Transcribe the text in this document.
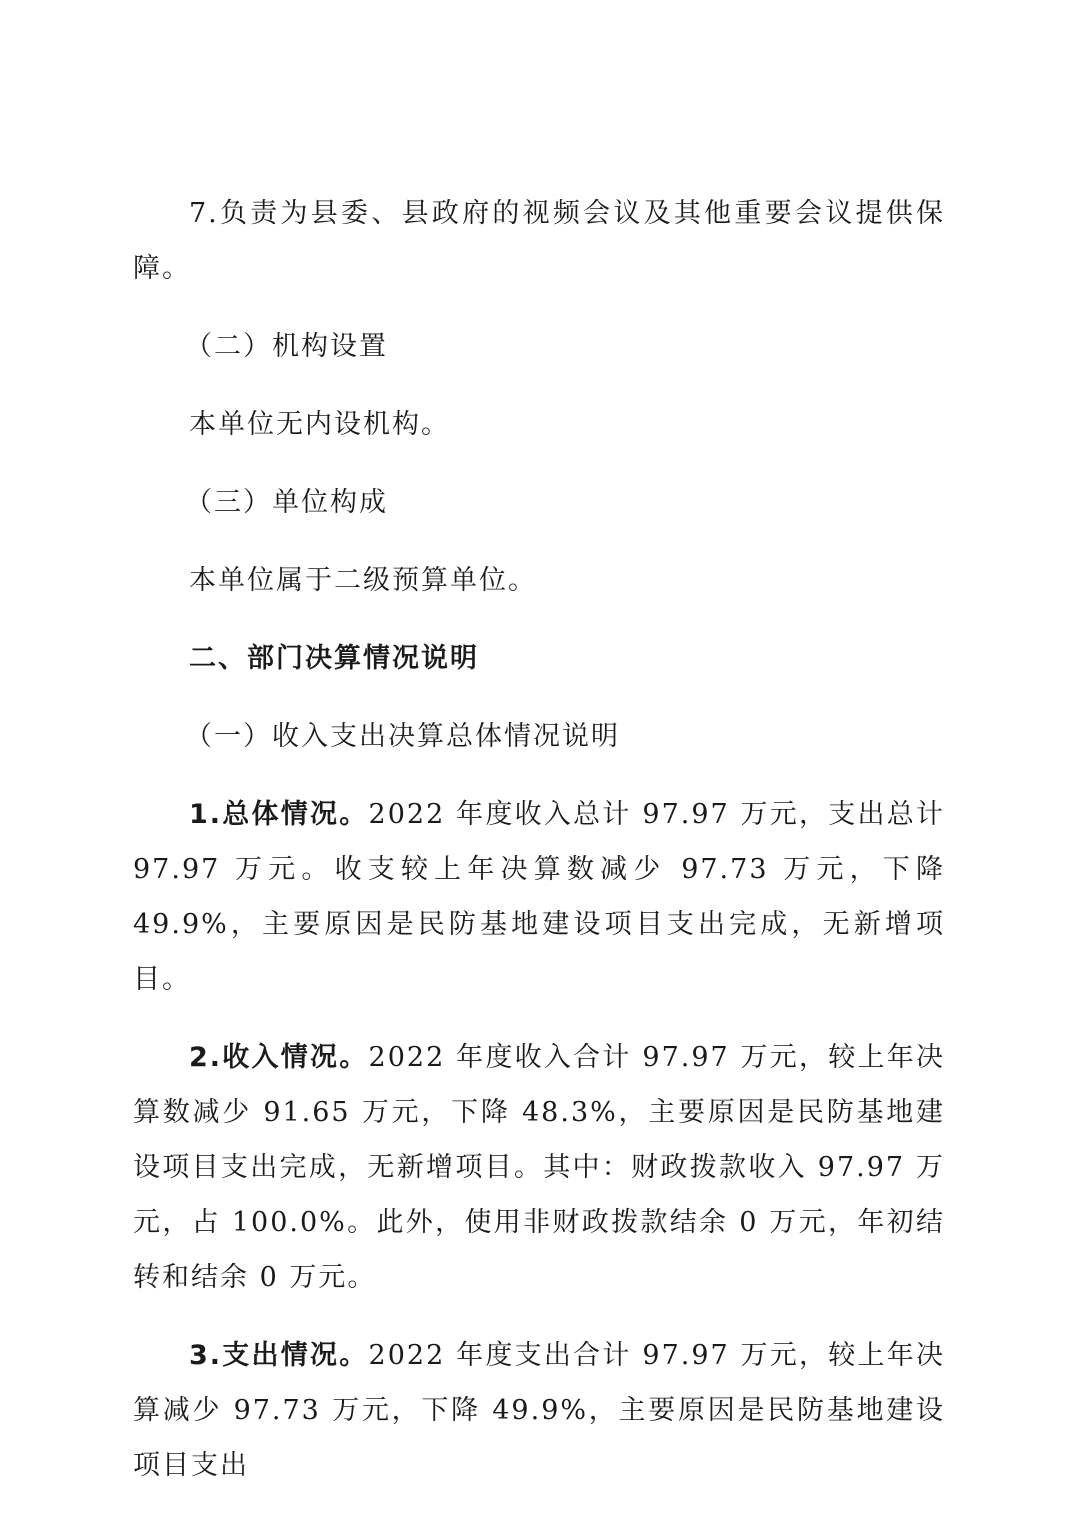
7.负责为县委、县政府的视频会议及其他重要会议提供保障。

（二）机构设置

本单位无内设机构。

（三）单位构成

本单位属于二级预算单位。

二、部门决算情况说明

（一）收入支出决算总体情况说明

1.总体情况。2022 年度收入总计 97.97 万元，支出总计 97.97 万元。收支较上年决算数减少 97.73 万元，下降 49.9%，主要原因是民防基地建设项目支出完成，无新增项目。

2.收入情况。2022 年度收入合计 97.97 万元，较上年决算数减少 91.65 万元，下降 48.3%，主要原因是民防基地建设项目支出完成，无新增项目。其中：财政拨款收入 97.97 万元，占 100.0%。此外，使用非财政拨款结余 0 万元，年初结转和结余 0 万元。

3.支出情况。2022 年度支出合计 97.97 万元，较上年决算减少 97.73 万元，下降 49.9%，主要原因是民防基地建设项目支出
